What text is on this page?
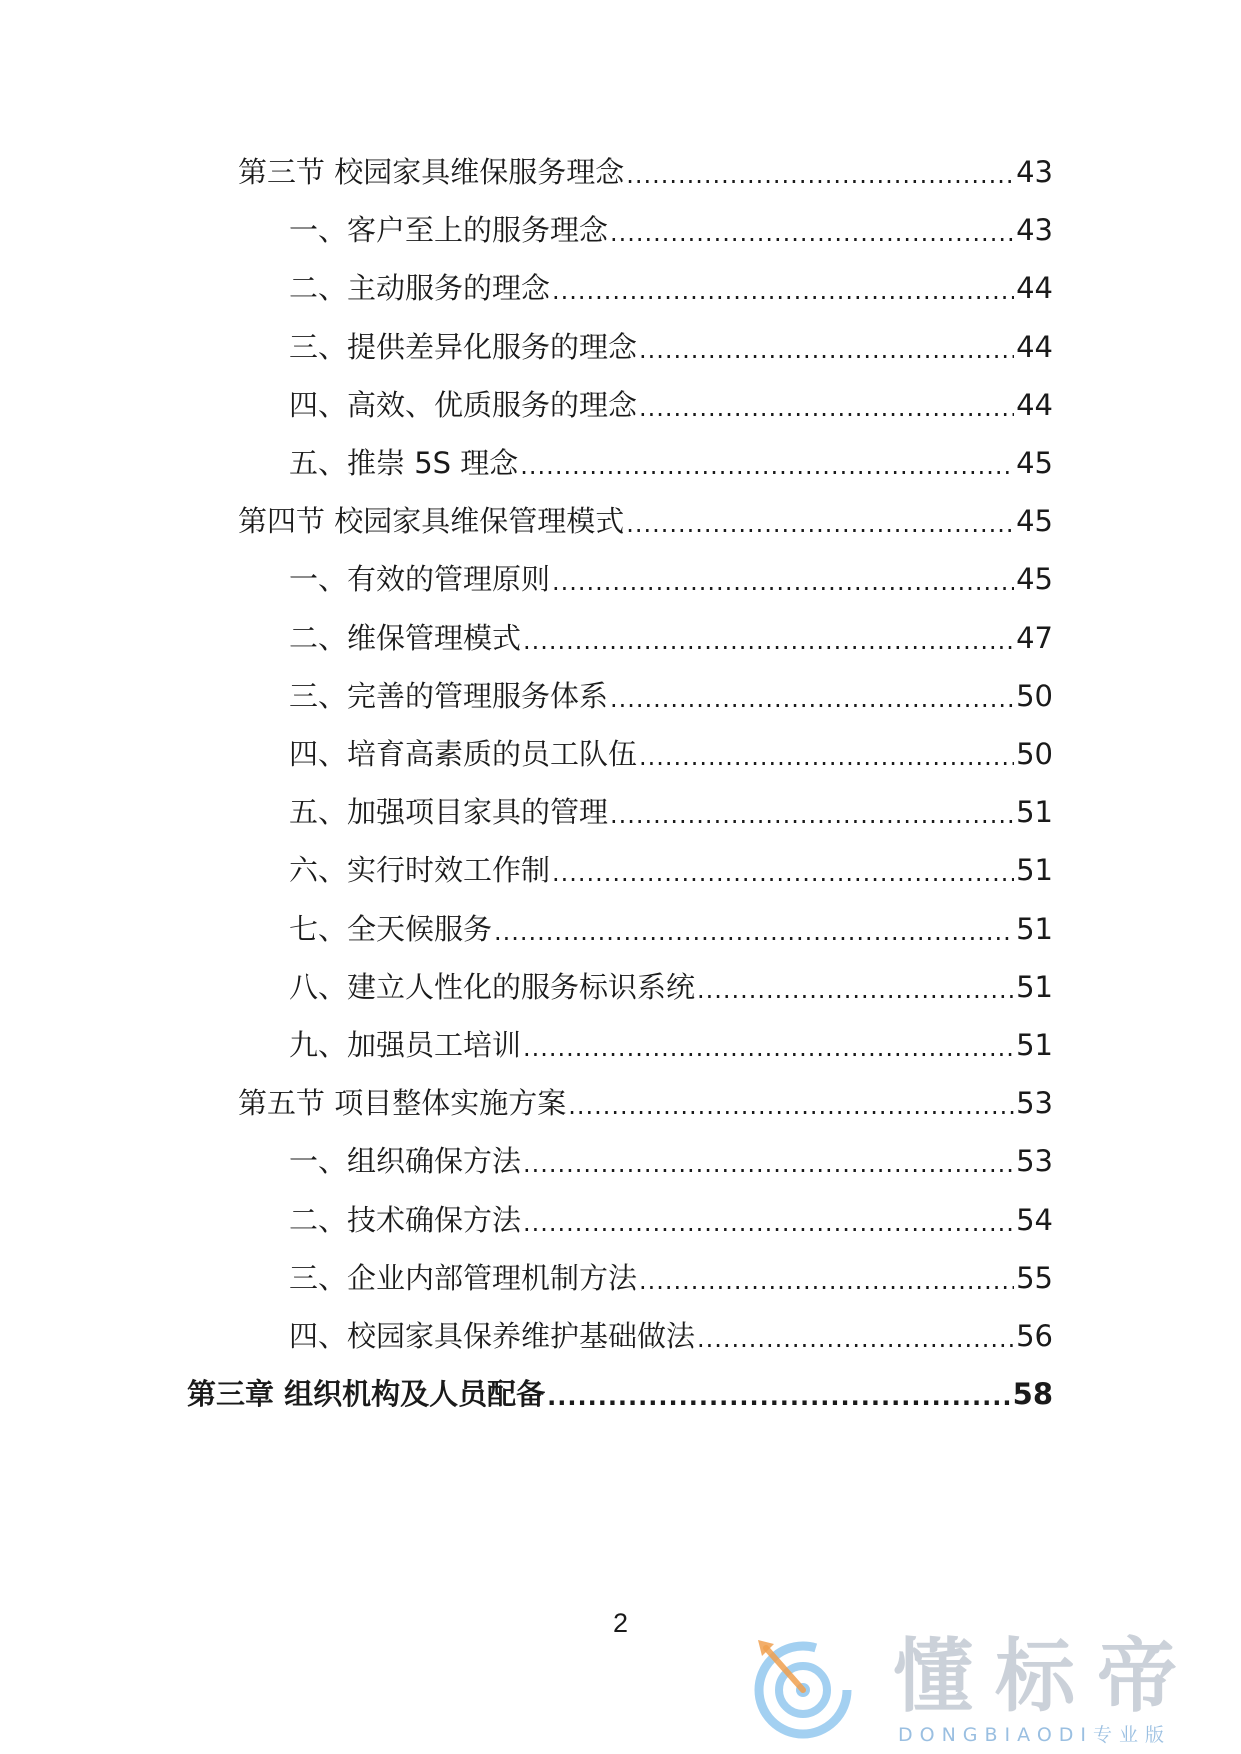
第三节 校园家具维保服务理念 .....	43
一、客户至上的服务理念 .....	43
二、主动服务的理念 .....	44
三、提供差异化服务的理念 .....	44
四、高效、优质服务的理念 .....	44
五、推崇 5S 理念 .....	45
第四节 校园家具维保管理模式 .....	45
一、有效的管理原则 .....	45
二、维保管理模式 .....	47
三、完善的管理服务体系 .....	50
四、培育高素质的员工队伍 .....	50
五、加强项目家具的管理 .....	51
六、实行时效工作制 .....	51
七、全天候服务 .....	51
八、建立人性化的服务标识系统 .....	51
九、加强员工培训 .....	51
第五节 项目整体实施方案 .....	53
一、组织确保方法 .....	53
二、技术确保方法 .....	54
三、企业内部管理机制方法 .....	55
四、校园家具保养维护基础做法 .....	56
第三章 组织机构及人员配备 .....	58
2
懂标帝
DONGBIAODI专业版
